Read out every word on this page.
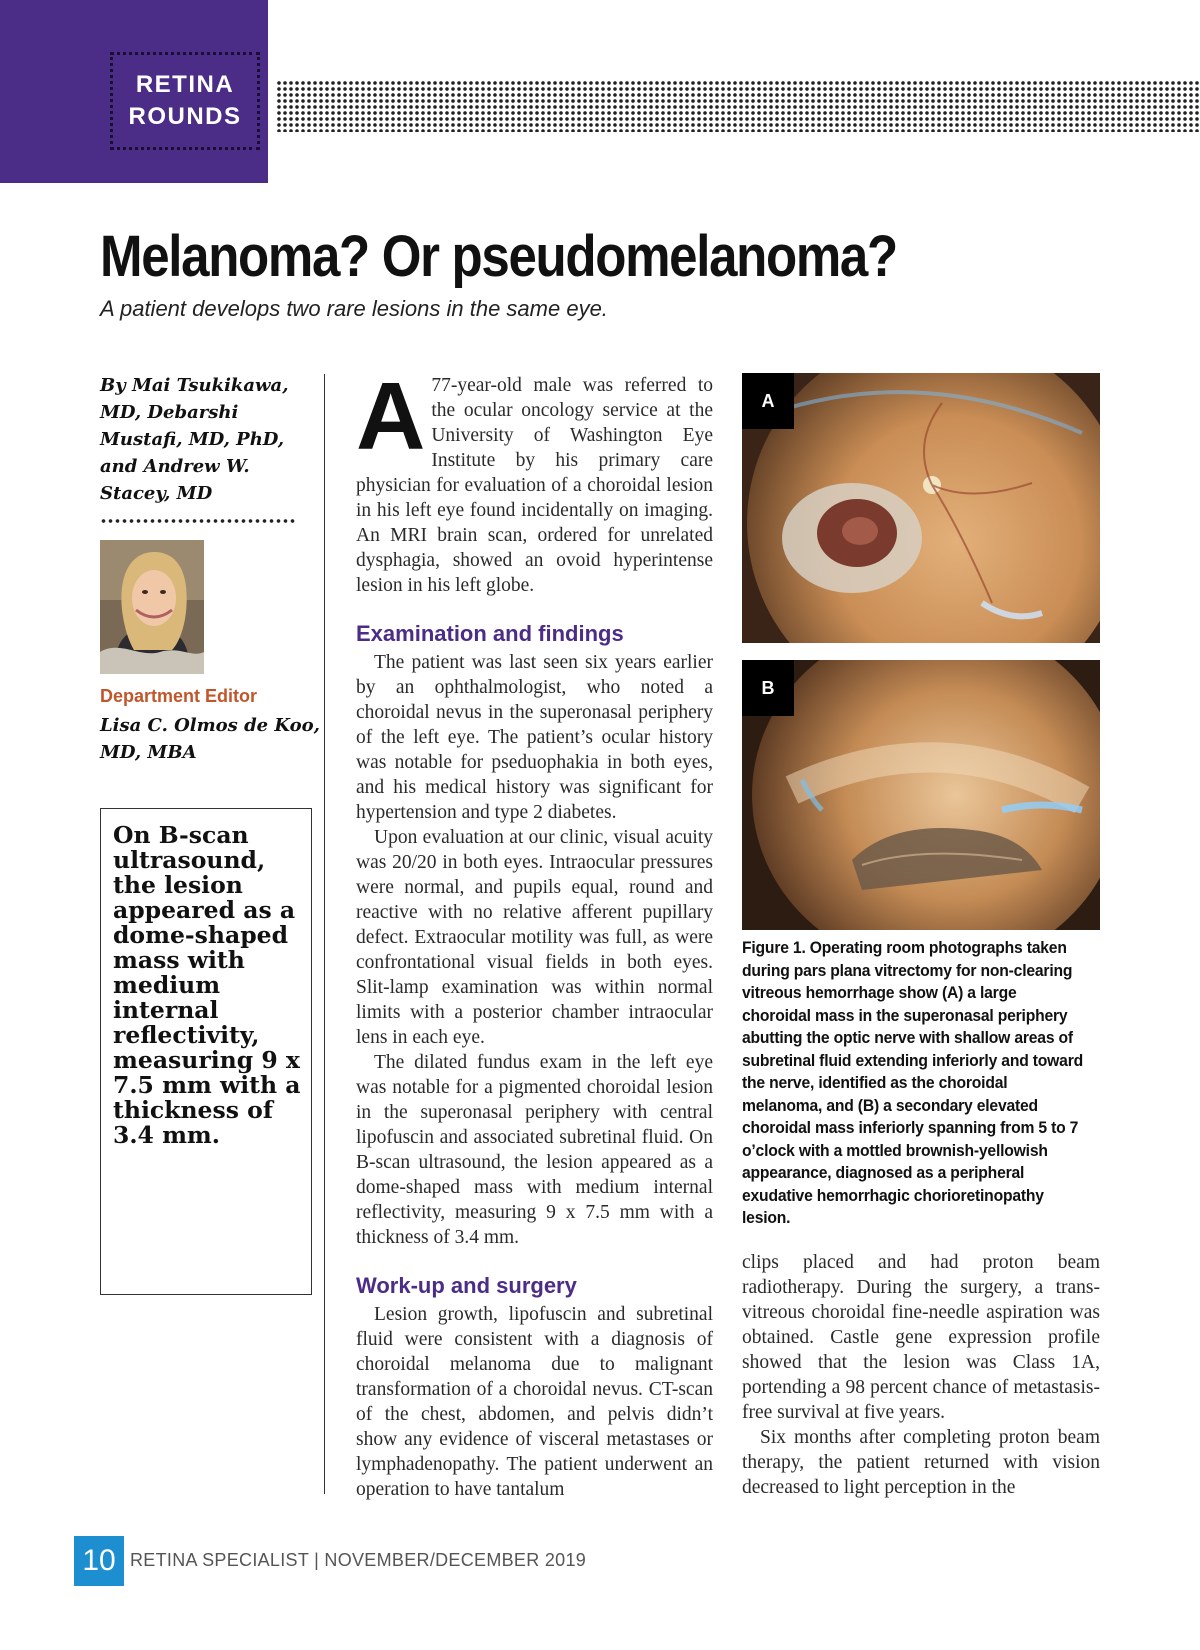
RETINA
ROUNDS
Melanoma? Or pseudomelanoma?
A patient develops two rare lesions in the same eye.
By Mai Tsukikawa, MD, Debarshi Mustafi, MD, PhD, and Andrew W. Stacey, MD
Department Editor
Lisa C. Olmos de Koo, MD, MBA
On B-scan ultrasound, the lesion appeared as a dome-shaped mass with medium internal reflectivity, measuring 9 x 7.5 mm with a thickness of 3.4 mm.
A 77-year-old male was referred to the ocular oncology service at the University of Washington Eye Institute by his primary care physician for evaluation of a choroidal lesion in his left eye found incidentally on imaging. An MRI brain scan, ordered for unrelated dysphagia, showed an ovoid hyperintense lesion in his left globe.

Examination and findings

The patient was last seen six years earlier by an ophthalmologist, who noted a choroidal nevus in the superonasal periphery of the left eye. The patient’s ocular history was notable for pseduophakia in both eyes, and his medical history was significant for hypertension and type 2 diabetes.

Upon evaluation at our clinic, visual acuity was 20/20 in both eyes. Intraocular pressures were normal, and pupils equal, round and reactive with no relative afferent pupillary defect. Extraocular motility was full, as were confrontational visual fields in both eyes. Slit-lamp examination was within normal limits with a posterior chamber intraocular lens in each eye.

The dilated fundus exam in the left eye was notable for a pigmented choroidal lesion in the superonasal periphery with central lipofuscin and associated subretinal fluid. On B-scan ultrasound, the lesion appeared as a dome-shaped mass with medium internal reflectivity, measuring 9 x 7.5 mm with a thickness of 3.4 mm.

Work-up and surgery

Lesion growth, lipofuscin and subretinal fluid were consistent with a diagnosis of choroidal melanoma due to malignant transformation of a choroidal nevus. CT-scan of the chest, abdomen, and pelvis didn’t show any evidence of visceral metastases or lymphadenopathy. The patient underwent an operation to have tantalum

A
B
Figure 1. Operating room photographs taken during pars plana vitrectomy for non-clearing vitreous hemorrhage show (A) a large choroidal mass in the superonasal periphery abutting the optic nerve with shallow areas of subretinal fluid extending inferiorly and toward the nerve, identified as the choroidal melanoma, and (B) a secondary elevated choroidal mass inferiorly spanning from 5 to 7 o’clock with a mottled brownish-yellowish appearance, diagnosed as a peripheral exudative hemorrhagic chorioretinopathy lesion.

clips placed and had proton beam radiotherapy. During the surgery, a trans-vitreous choroidal fine-needle aspiration was obtained. Castle gene expression profile showed that the lesion was Class 1A, portending a 98 percent chance of metastasis-free survival at five years.

Six months after completing proton beam therapy, the patient returned with vision decreased to light perception in the

10 RETINA SPECIALIST | NOVEMBER/DECEMBER 2019
